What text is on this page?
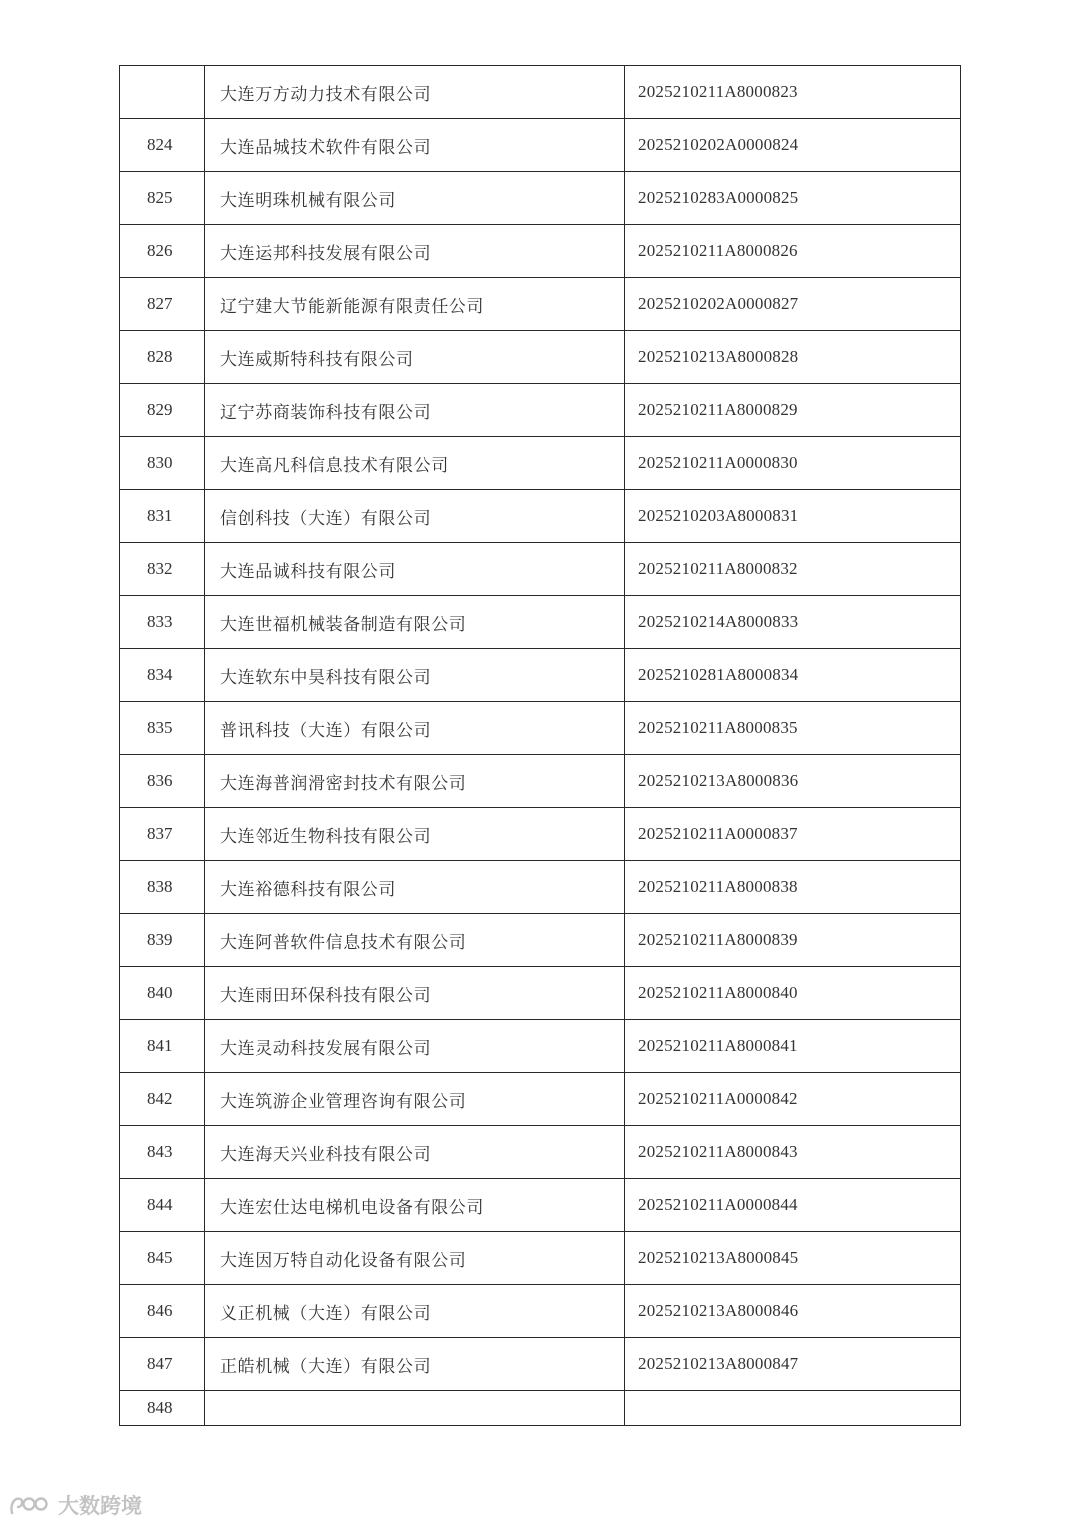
	大连万方动力技术有限公司	2025210211A8000823
824	大连品城技术软件有限公司	2025210202A0000824
825	大连明珠机械有限公司	2025210283A0000825
826	大连运邦科技发展有限公司	2025210211A8000826
827	辽宁建大节能新能源有限责任公司	2025210202A0000827
828	大连威斯特科技有限公司	2025210213A8000828
829	辽宁苏商装饰科技有限公司	2025210211A8000829
830	大连高凡科信息技术有限公司	2025210211A0000830
831	信创科技（大连）有限公司	2025210203A8000831
832	大连品诚科技有限公司	2025210211A8000832
833	大连世福机械装备制造有限公司	2025210214A8000833
834	大连软东中昊科技有限公司	2025210281A8000834
835	普讯科技（大连）有限公司	2025210211A8000835
836	大连海普润滑密封技术有限公司	2025210213A8000836
837	大连邻近生物科技有限公司	2025210211A0000837
838	大连裕德科技有限公司	2025210211A8000838
839	大连阿普软件信息技术有限公司	2025210211A8000839
840	大连雨田环保科技有限公司	2025210211A8000840
841	大连灵动科技发展有限公司	2025210211A8000841
842	大连筑游企业管理咨询有限公司	2025210211A0000842
843	大连海天兴业科技有限公司	2025210211A8000843
844	大连宏仕达电梯机电设备有限公司	2025210211A0000844
845	大连因万特自动化设备有限公司	2025210213A8000845
846	义正机械（大连）有限公司	2025210213A8000846
847	正皓机械（大连）有限公司	2025210213A8000847
848		
大数跨境
